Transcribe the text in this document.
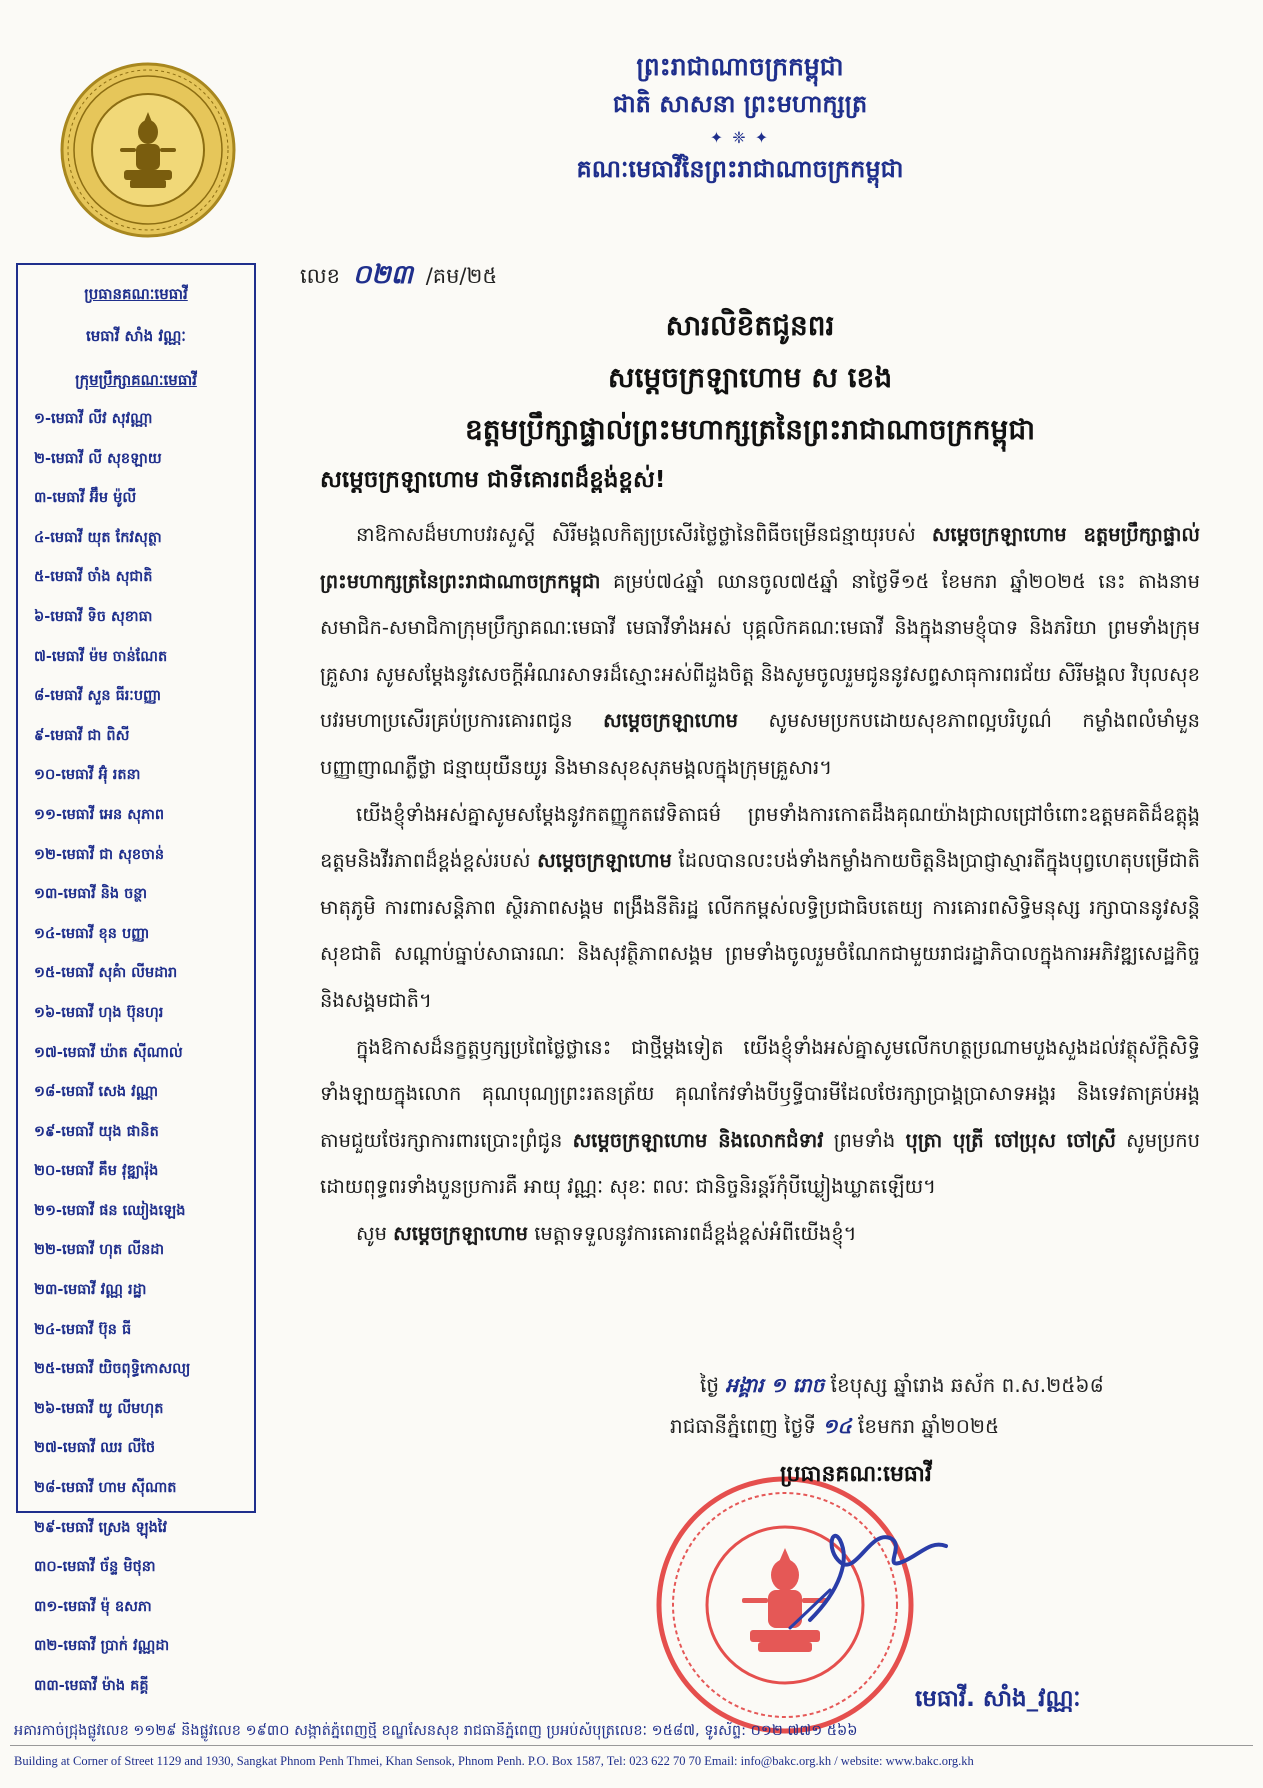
ព្រះរាជាណាចក្រកម្ពុជា
ជាតិ សាសនា ព្រះមហាក្សត្រ
✦ ❈ ✦
គណៈមេធាវីនៃព្រះរាជាណាចក្រកម្ពុជា
ប្រធានគណៈមេធាវី
មេធាវី សាំង វណ្ណៈ
ក្រុមប្រឹក្សាគណៈមេធាវី
១-មេធាវី លីវ សុវណ្ណា
២-មេធាវី លី សុខឡាយ
៣-មេធាវី អ៊ឹម ម៉ូលី
៤-មេធាវី យុត កែវសុត្ថា
៥-មេធាវី ចាំង សុជាតិ
៦-មេធាវី ទិច សុខាធា
៧-មេធាវី ម៉ម ចាន់ណែត
៨-មេធាវី សួន ធីរៈបញ្ញា
៩-មេធាវី ជា ពិសី
១០-មេធាវី អ៊ុំ រតនា
១១-មេធាវី អេន សុភាព
១២-មេធាវី ជា សុខចាន់
១៣-មេធាវី និង ចន្ថា
១៤-មេធាវី ខុន បញ្ញា
១៥-មេធាវី សុគំា លីមដារា
១៦-មេធាវី ហុង ប៊ុនហុរ
១៧-មេធាវី ឃ៉ាត ស៊ីណាល់
១៨-មេធាវី សេង វណ្ណា
១៩-មេធាវី យុង ផានិត
២០-មេធាវី គឹម វុឌ្ឍារ៉ុង
២១-មេធាវី ផន ឈៀងឡេង
២២-មេធាវី ហុត លីនដា
២៣-មេធាវី វណ្ណ រដ្ឋា
២៤-មេធាវី ប៊ុន ធី
២៥-មេធាវី យិចពុទ្ធិកោសល្យ
២៦-មេធាវី យូ លីមហុត
២៧-មេធាវី ឈរ លីថៃ
២៨-មេធាវី ហាម ស៊ីណាត
២៩-មេធាវី ស្រេង ឡុងវៃ
៣០-មេធាវី ច័ន្ទ មិថុនា
៣១-មេធាវី ម៉ុ ឧសភា
៣២-មេធាវី ប្រាក់ វណ្ណដា
៣៣-មេធាវី ម៉ាង គគ្គី
លេខ ០២៣ /គម/២៥
សារលិខិតជូនពរ
សម្តេចក្រឡាហោម ស ខេង
ឧត្តមប្រឹក្សាផ្ទាល់ព្រះមហាក្សត្រនៃព្រះរាជាណាចក្រកម្ពុជា
សម្តេចក្រឡាហោម ជាទីគោរពដ៏ខ្ពង់ខ្ពស់!

នាឱកាសដ៏មហាបវរសួស្តី សិរីមង្គលកិត្យប្រសើរថ្លៃថ្លានៃពិធីចម្រើនជន្មាយុរបស់ សម្តេចក្រឡាហោម ឧត្តមប្រឹក្សាផ្ទាល់ព្រះមហាក្សត្រនៃព្រះរាជាណាចក្រកម្ពុជា គម្រប់៧៤ឆ្នាំ ឈានចូល៧៥ឆ្នាំ នាថ្ងៃទី១៥ ខែមករា ឆ្នាំ២០២៥ នេះ តាងនាមសមាជិក-សមាជិកាក្រុមប្រឹក្សាគណៈមេធាវី មេធាវីទាំងអស់ បុគ្គលិកគណៈមេធាវី និងក្នុងនាមខ្ញុំបាទ និងភរិយា ព្រមទាំងក្រុមគ្រួសារ សូមសម្តែងនូវសេចក្តីអំណរសាទរដ៏ស្មោះអស់ពីដួងចិត្ត និងសូមចូលរួមជូននូវសព្ទសាធុការពរជ័យ សិរីមង្គល វិបុលសុខ បវរមហាប្រសើរគ្រប់ប្រការគោរពជូន សម្តេចក្រឡាហោម សូមសមប្រកបដោយសុខភាពល្អបរិបូណ៌ កម្លាំងពលំមាំមួន បញ្ញាញាណភ្លឺថ្លា ជន្មាយុយឺនយូរ និងមានសុខសុភមង្គលក្នុងក្រុមគ្រួសារ។

យើងខ្ញុំទាំងអស់គ្នាសូមសម្តែងនូវកតញ្ញូកតវេទិតាធម៌ ព្រមទាំងការកោតដឹងគុណយ៉ាងជ្រាលជ្រៅចំពោះឧត្តមគតិដ៏ឧត្តុង្គឧត្តមនិងវីរភាពដ៏ខ្ពង់ខ្ពស់របស់ សម្តេចក្រឡាហោម ដែលបានលះបង់ទាំងកម្លាំងកាយចិត្តនិងប្រាជ្ញាស្មារតីក្នុងបុព្វហេតុបម្រើជាតិមាតុភូមិ ការពារសន្តិភាព ស្ថិរភាពសង្គម ពង្រឹងនីតិរដ្ឋ លើកកម្ពស់លទ្ធិប្រជាធិបតេយ្យ ការគោរពសិទ្ធិមនុស្ស រក្សាបាននូវសន្តិសុខជាតិ សណ្តាប់ធ្នាប់សាធារណៈ និងសុវត្ថិភាពសង្គម ព្រមទាំងចូលរួមចំណែកជាមួយរាជរដ្ឋាភិបាលក្នុងការអភិវឌ្ឍសេដ្ឋកិច្ច និងសង្គមជាតិ។

ក្នុងឱកាសដ៏នក្ខត្តឫក្សប្រពៃថ្លៃថ្លានេះ ជាថ្មីម្តងទៀត យើងខ្ញុំទាំងអស់គ្នាសូមលើកហត្ថប្រណាមបួងសួងដល់វត្ថុស័ក្តិសិទ្ធិទាំងឡាយក្នុងលោក គុណបុណ្យព្រះរតនត្រ័យ គុណកែវទាំងបីឫទ្ធីបារមីដែលថែរក្សាប្រាង្គប្រាសាទអង្គរ និងទេវតាគ្រប់អង្គតាមជួយថែរក្សាការពារប្រោះព្រំជូន សម្តេចក្រឡាហោម និងលោកជំទាវ ព្រមទាំង បុត្រា បុត្រី ចៅប្រុស ចៅស្រី សូមប្រកបដោយពុទ្ធពរទាំងបួនប្រការគឺ អាយុ វណ្ណៈ សុខៈ ពលៈ ជានិច្ចនិរន្តរ៍កុំបីឃ្លៀងឃ្លាតឡើយ។

សូម សម្តេចក្រឡាហោម មេត្តាទទួលនូវការគោរពដ៏ខ្ពង់ខ្ពស់អំពីយើងខ្ញុំ។

ថ្ងៃ អង្គារ ១ រោច ខែបុស្ស ឆ្នាំរោង ឆស័ក ព.ស.២៥៦៨
រាជធានីភ្នំពេញ ថ្ងៃទី ១៤ ខែមករា ឆ្នាំ២០២៥
ប្រធានគណៈមេធាវី
មេធាវី. សាំង_វណ្ណៈ
អគារកាច់ជ្រុងផ្លូវលេខ ១១២៩ និងផ្លូវលេខ ១៩៣០ សង្កាត់ភ្នំពេញថ្មី ខណ្ឌសែនសុខ រាជធានីភ្នំពេញ ប្រអប់សំបុត្រលេខៈ ១៥៨៧, ទូរស័ព្ទ: ០១២ ៧៧១ ៥៦៦
Building at Corner of Street 1129 and 1930, Sangkat Phnom Penh Thmei, Khan Sensok, Phnom Penh. P.O. Box 1587, Tel: 023 622 70 70 Email: info@bakc.org.kh / website: www.bakc.org.kh
